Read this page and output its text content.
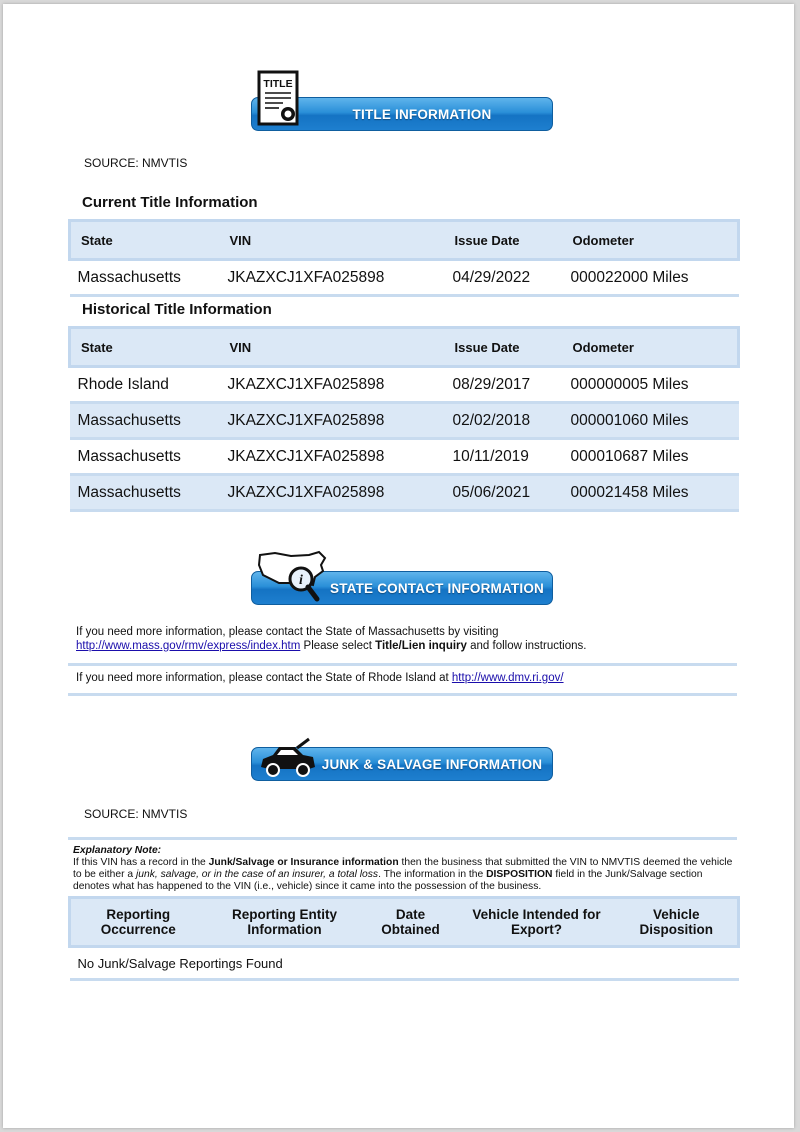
TITLE INFORMATION
TITLE
SOURCE: NMVTIS
Current Title Information
State	VIN	Issue Date	Odometer
Massachusetts	JKAZXCJ1XFA025898	04/29/2022	000022000 Miles
Historical Title Information
State	VIN	Issue Date	Odometer
Rhode Island	JKAZXCJ1XFA025898	08/29/2017	000000005 Miles
Massachusetts	JKAZXCJ1XFA025898	02/02/2018	000001060 Miles
Massachusetts	JKAZXCJ1XFA025898	10/11/2019	000010687 Miles
Massachusetts	JKAZXCJ1XFA025898	05/06/2021	000021458 Miles
STATE CONTACT INFORMATION
i

If you need more information, please contact the State of Massachusetts by visiting
http://www.mass.gov/rmv/express/index.htm Please select Title/Lien inquiry and follow instructions.

If you need more information, please contact the State of Rhode Island at http://www.dmv.ri.gov/

JUNK & SALVAGE INFORMATION
SOURCE: NMVTIS

Explanatory Note:
If this VIN has a record in the Junk/Salvage or Insurance information then the business that submitted the VIN to NMVTIS deemed the vehicle to be either a junk, salvage, or in the case of an insurer, a total loss. The information in the DISPOSITION field in the Junk/Salvage section denotes what has happened to the VIN (i.e., vehicle) since it came into the possession of the business.

Reporting Occurrence	Reporting Entity Information	Date Obtained	Vehicle Intended for Export?	Vehicle Disposition
No Junk/Salvage Reportings Found
